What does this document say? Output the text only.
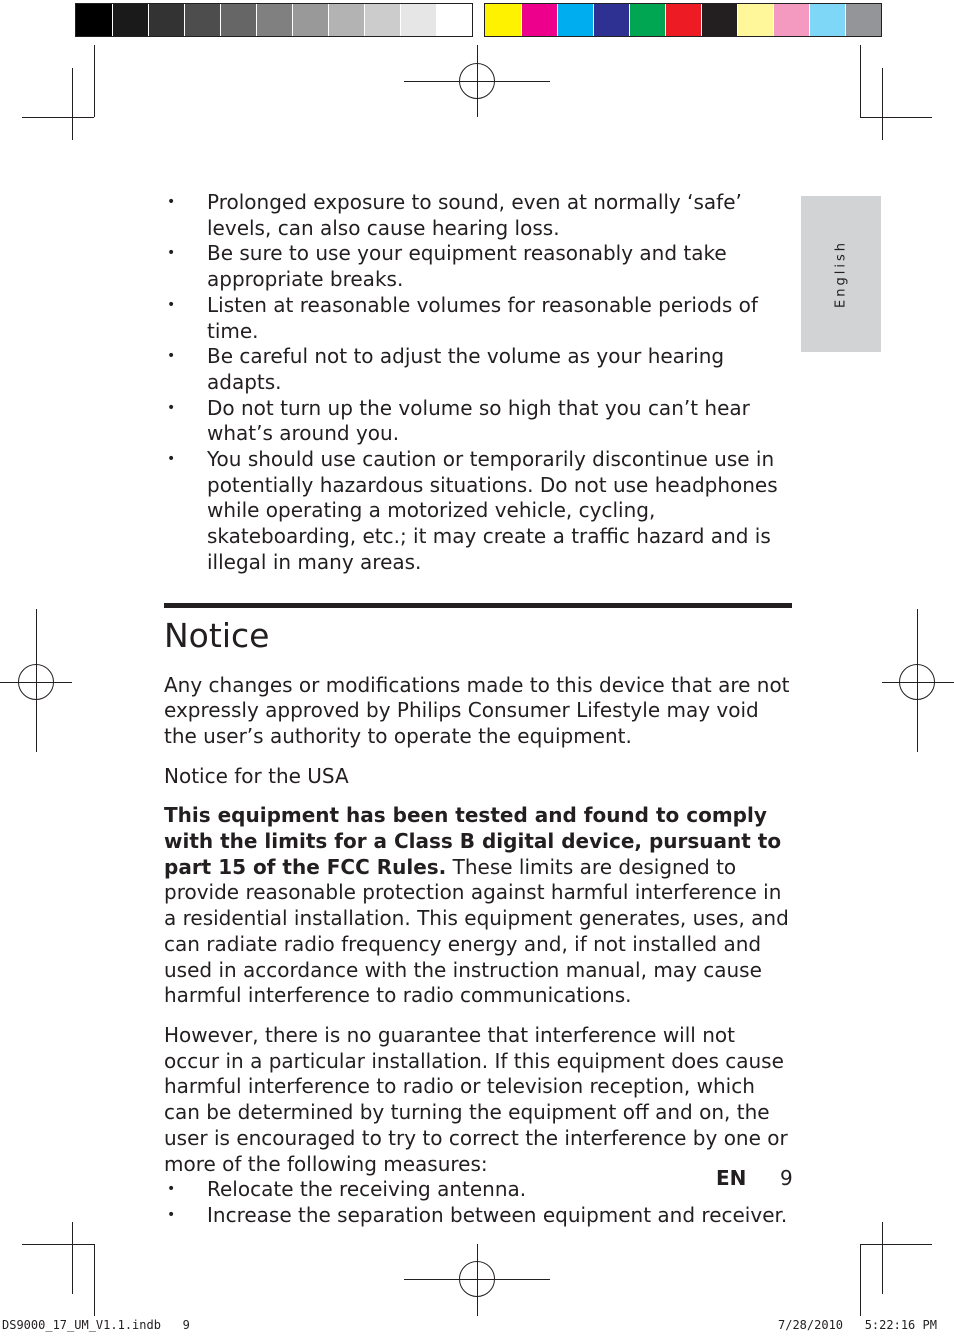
English
• Prolonged exposure to sound, even at normally ‘safe’ levels, can also cause hearing loss.
• Be sure to use your equipment reasonably and take appropriate breaks.
• Listen at reasonable volumes for reasonable periods of time.
• Be careful not to adjust the volume as your hearing adapts.
• Do not turn up the volume so high that you can’t hear what’s around you.
• You should use caution or temporarily discontinue use in potentially hazardous situations. Do not use headphones while operating a motorized vehicle, cycling, skateboarding, etc.; it may create a traffic hazard and is illegal in many areas.
Notice

Any changes or modifications made to this device that are not expressly approved by Philips Consumer Lifestyle may void the user’s authority to operate the equipment.

Notice for the USA

This equipment has been tested and found to comply with the limits for a Class B digital device, pursuant to part 15 of the FCC Rules. These limits are designed to provide reasonable protection against harmful interference in a residential installation. This equipment generates, uses, and can radiate radio frequency energy and, if not installed and used in accordance with the instruction manual, may cause harmful interference to radio communications.

However, there is no guarantee that interference will not occur in a particular installation. If this equipment does cause harmful interference to radio or television reception, which can be determined by turning the equipment off and on, the user is encouraged to try to correct the interference by one or more of the following measures:

• Relocate the receiving antenna.
• Increase the separation between equipment and receiver.
EN 9
DS9000_17_UM_V1.1.indb   9	7/28/2010   5:22:16 PM
